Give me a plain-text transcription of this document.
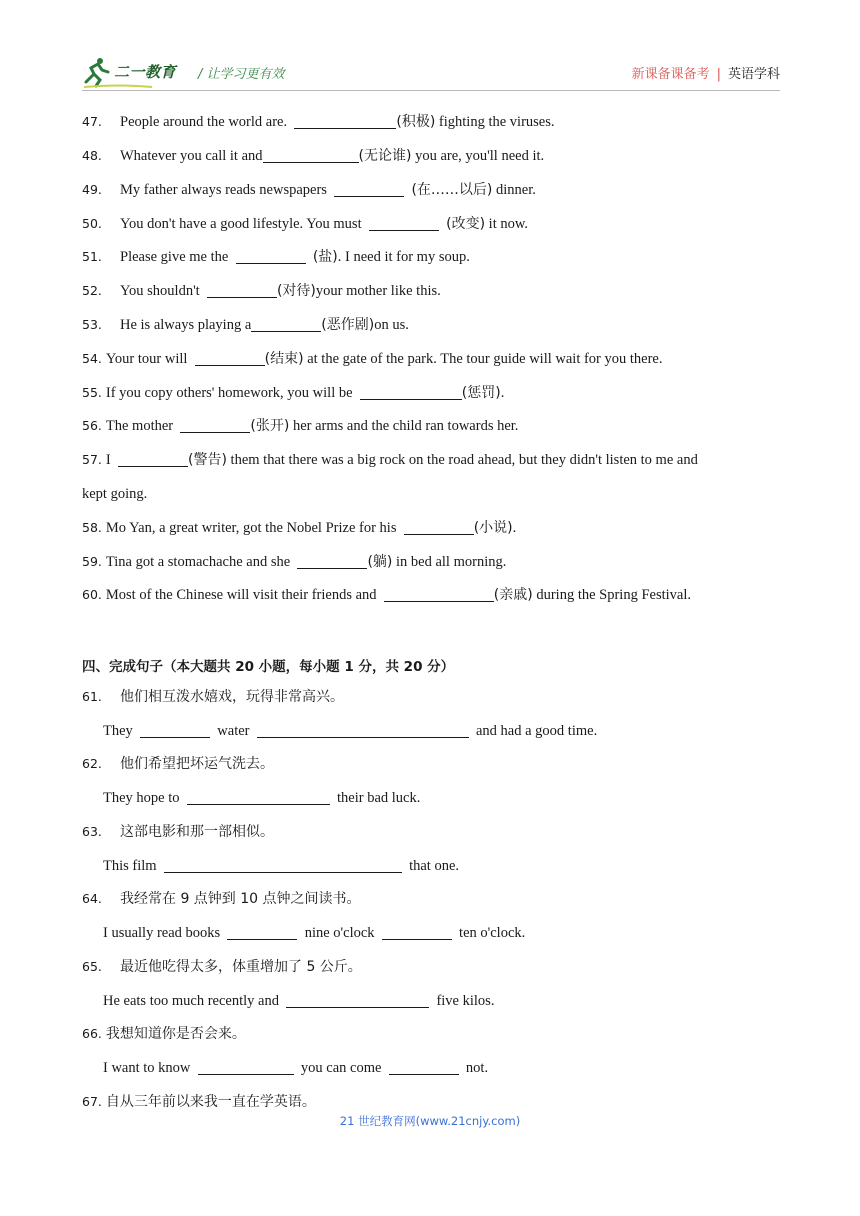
二一教育 / 让学习更有效	新课备课备考 | 英语学科
47. People around the world are.	(积极) fighting the viruses.
48. Whatever you call it and	(无论谁) you are, you'll need it.
49. My father always reads newspapers	(在……以后) dinner.
50. You don't have a good lifestyle. You must	(改变) it now.
51. Please give me the	(盐). I need it for my soup.
52. You shouldn't	(对待)your mother like this.
53. He is always playing a	(恶作剧)on us.
54. Your tour will	(结束) at the gate of the park. The tour guide will wait for you there.
55. If you copy others' homework, you will be	(惩罚).
56. The mother	(张开) her arms and the child ran towards her.
57. I	(警告) them that there was a big rock on the road ahead, but they didn't listen to me and
kept going.
58. Mo Yan, a great writer, got the Nobel Prize for his	(小说).
59. Tina got a stomachache and she	(躺) in bed all morning.
60. Most of the Chinese will visit their friends and	(亲戚) during the Spring Festival.
四、完成句子（本大题共 20 小题，每小题 1 分，共 20 分）
61. 他们相互泼水嬉戏，玩得非常高兴。
They	water	and had a good time.
62. 他们希望把坏运气洗去。
They hope to	their bad luck.
63. 这部电影和那一部相似。
This film	that one.
64. 我经常在 9 点钟到 10 点钟之间读书。
I usually read books	nine o'clock	ten o'clock.
65. 最近他吃得太多，体重增加了 5 公斤。
He eats too much recently and	five kilos.
66. 我想知道你是否会来。
I want to know	you can come	not.
67. 自从三年前以来我一直在学英语。
21 世纪教育网(www.21cnjy.com)
